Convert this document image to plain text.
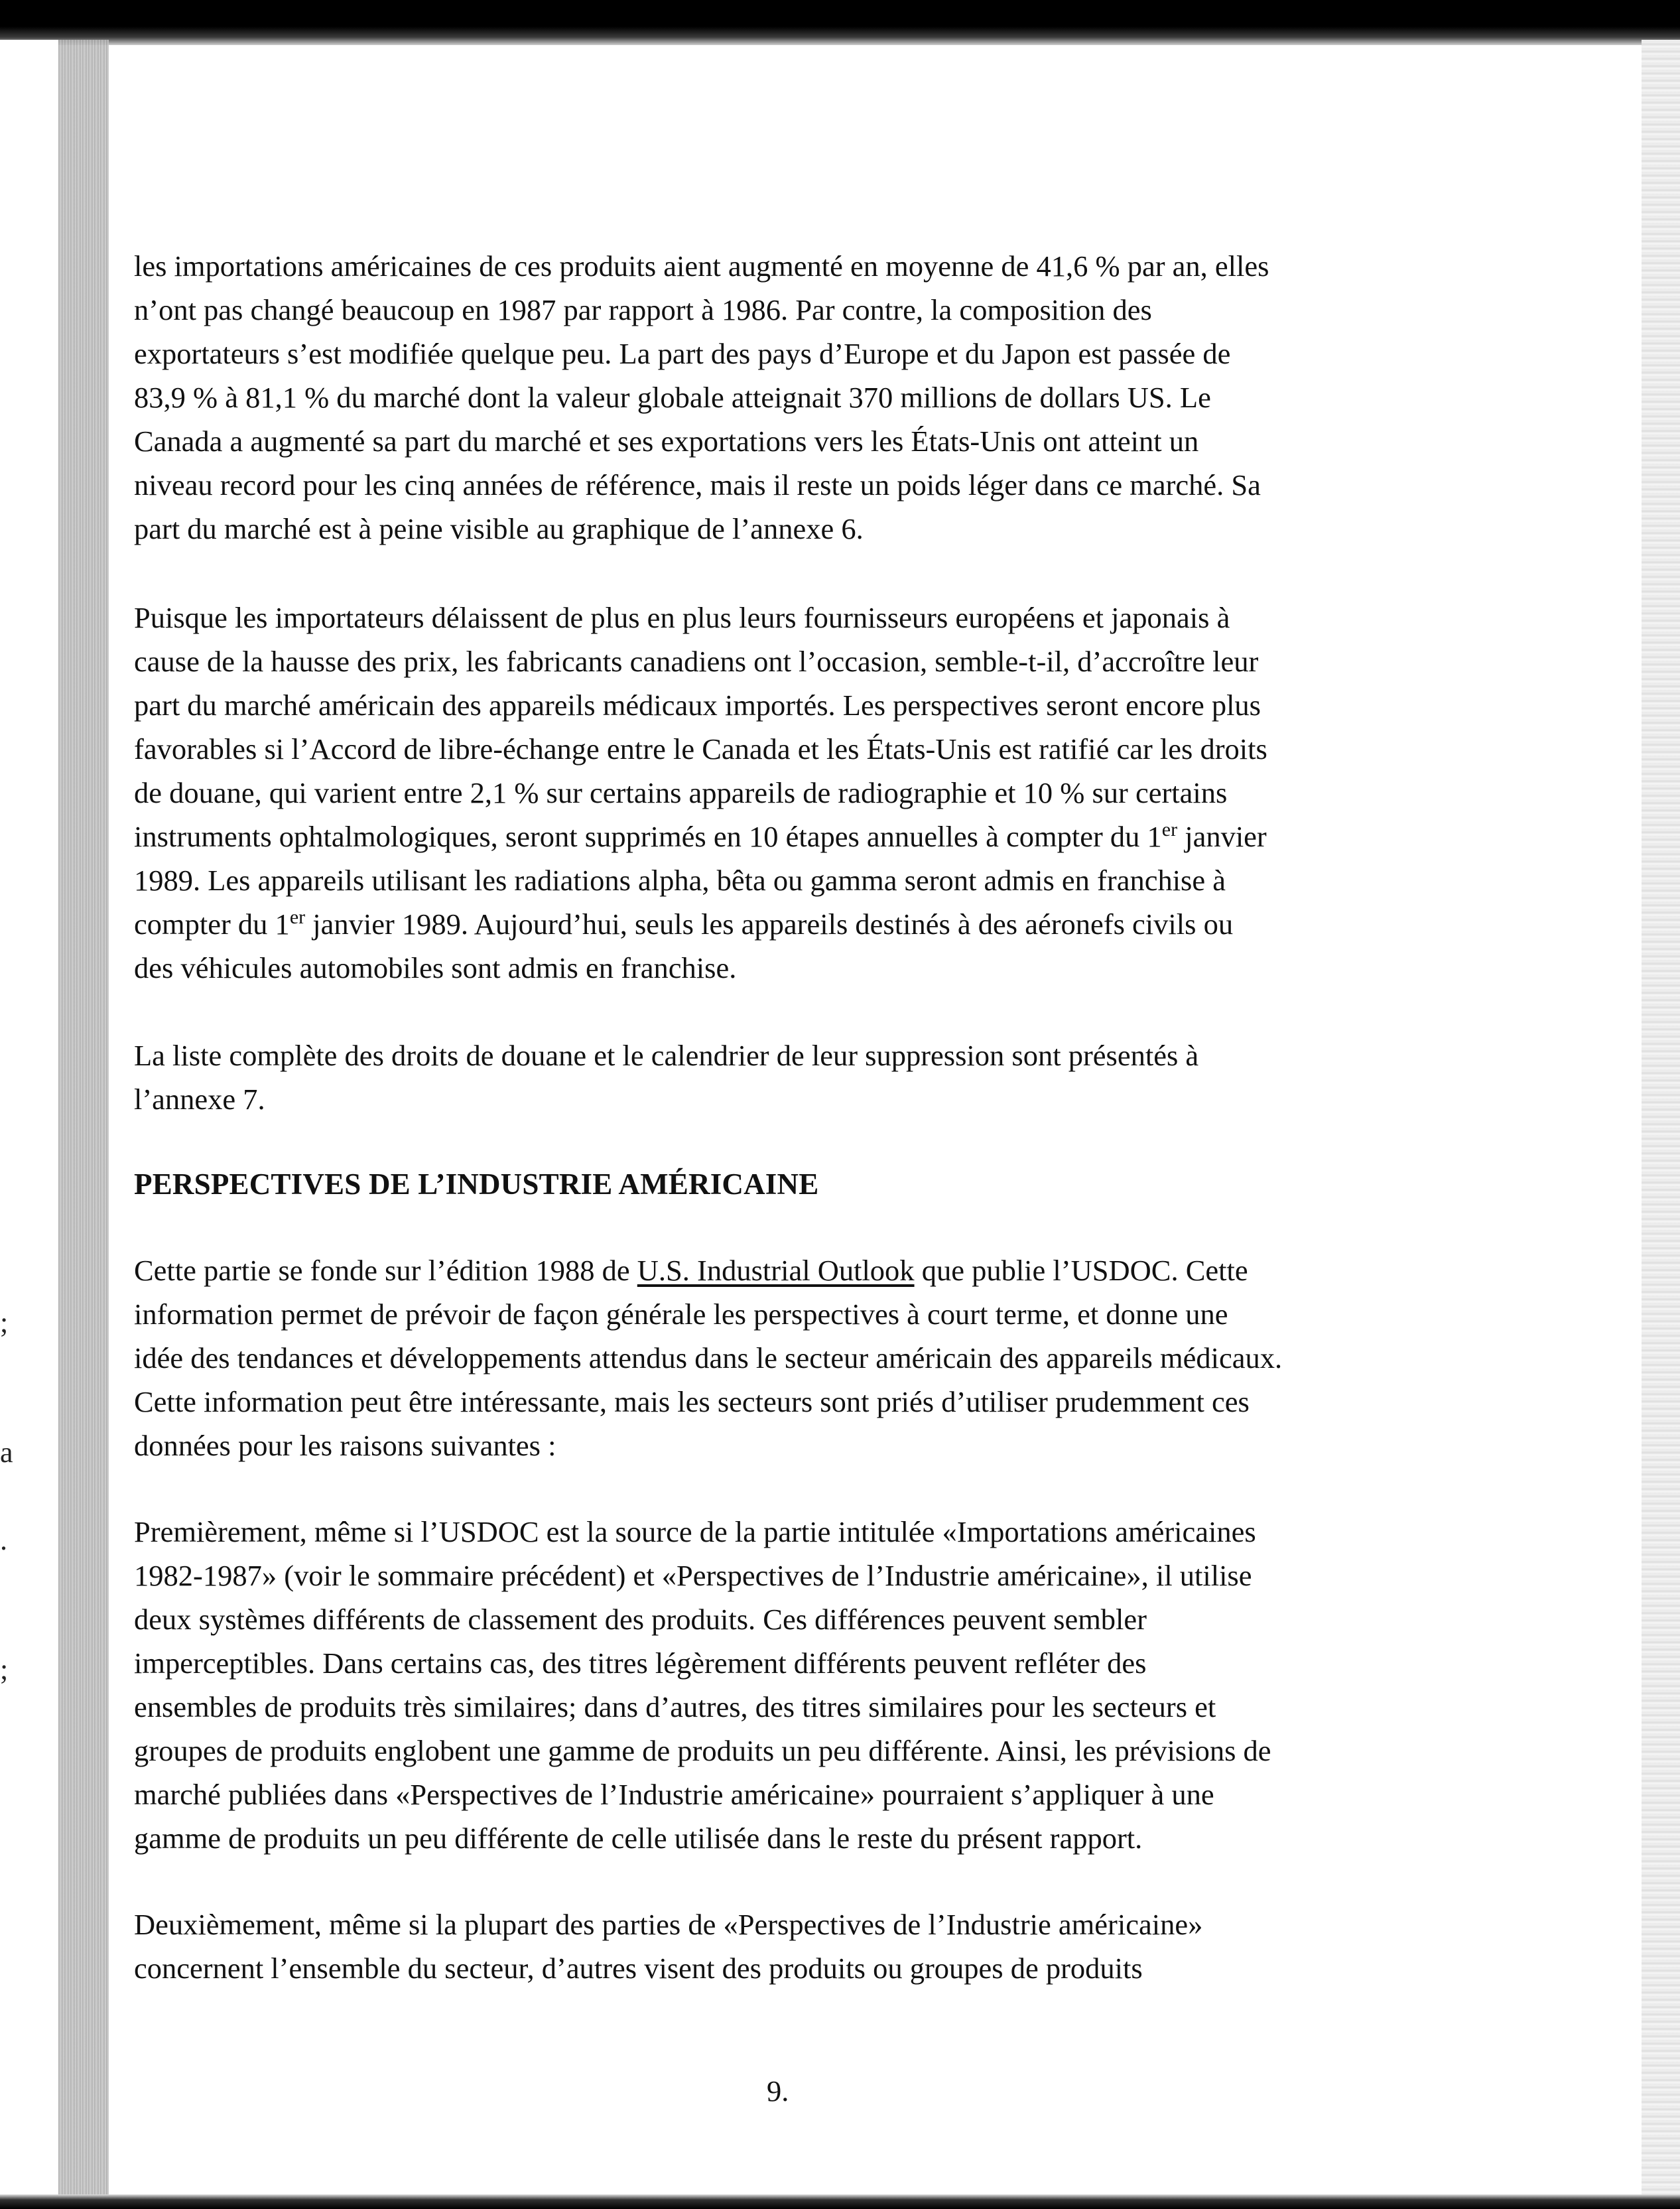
;
a
.
;

les importations américaines de ces produits aient augmenté en moyenne de 41,6 % par an, elles
n’ont pas changé beaucoup en 1987 par rapport à 1986. Par contre, la composition des
exportateurs s’est modifiée quelque peu. La part des pays d’Europe et du Japon est passée de
83,9 % à 81,1 % du marché dont la valeur globale atteignait 370 millions de dollars US. Le
Canada a augmenté sa part du marché et ses exportations vers les États-Unis ont atteint un
niveau record pour les cinq années de référence, mais il reste un poids léger dans ce marché. Sa
part du marché est à peine visible au graphique de l’annexe 6.

Puisque les importateurs délaissent de plus en plus leurs fournisseurs européens et japonais à
cause de la hausse des prix, les fabricants canadiens ont l’occasion, semble-t-il, d’accroître leur
part du marché américain des appareils médicaux importés. Les perspectives seront encore plus
favorables si l’Accord de libre-échange entre le Canada et les États-Unis est ratifié car les droits
de douane, qui varient entre 2,1 % sur certains appareils de radiographie et 10 % sur certains
instruments ophtalmologiques, seront supprimés en 10 étapes annuelles à compter du 1er janvier
1989. Les appareils utilisant les radiations alpha, bêta ou gamma seront admis en franchise à
compter du 1er janvier 1989. Aujourd’hui, seuls les appareils destinés à des aéronefs civils ou
des véhicules automobiles sont admis en franchise.

La liste complète des droits de douane et le calendrier de leur suppression sont présentés à
l’annexe 7.

PERSPECTIVES DE L’INDUSTRIE AMÉRICAINE

Cette partie se fonde sur l’édition 1988 de U.S. Industrial Outlook que publie l’USDOC. Cette
information permet de prévoir de façon générale les perspectives à court terme, et donne une
idée des tendances et développements attendus dans le secteur américain des appareils médicaux.
Cette information peut être intéressante, mais les secteurs sont priés d’utiliser prudemment ces
données pour les raisons suivantes :

Premièrement, même si l’USDOC est la source de la partie intitulée «Importations américaines
1982-1987» (voir le sommaire précédent) et «Perspectives de l’Industrie américaine», il utilise
deux systèmes différents de classement des produits. Ces différences peuvent sembler
imperceptibles. Dans certains cas, des titres légèrement différents peuvent refléter des
ensembles de produits très similaires; dans d’autres, des titres similaires pour les secteurs et
groupes de produits englobent une gamme de produits un peu différente. Ainsi, les prévisions de
marché publiées dans «Perspectives de l’Industrie américaine» pourraient s’appliquer à une
gamme de produits un peu différente de celle utilisée dans le reste du présent rapport.

Deuxièmement, même si la plupart des parties de «Perspectives de l’Industrie américaine»
concernent l’ensemble du secteur, d’autres visent des produits ou groupes de produits

9.
